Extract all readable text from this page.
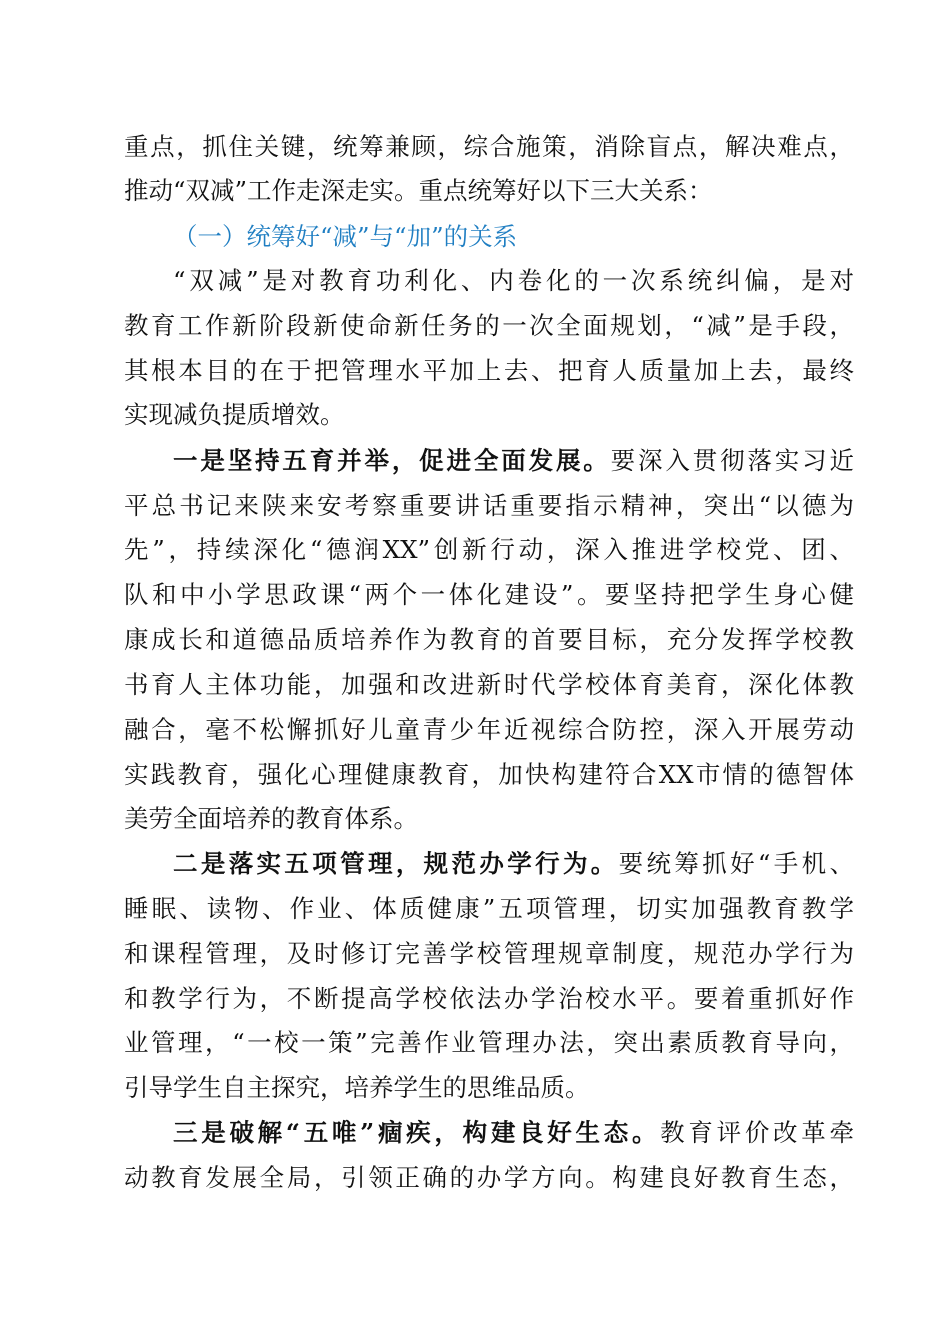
重点，抓住关键，统筹兼顾，综合施策，消除盲点，解决难点，
推动“双减”工作走深走实。重点统筹好以下三大关系：
（一）统筹好“减”与“加”的关系
“双减”是对教育功利化、内卷化的一次系统纠偏，是对
教育工作新阶段新使命新任务的一次全面规划，“减”是手段，
其根本目的在于把管理水平加上去、把育人质量加上去，最终
实现减负提质增效。
一是坚持五育并举，促进全面发展。要深入贯彻落实习近
平总书记来陕来安考察重要讲话重要指示精神，突出“以德为
先”，持续深化“德润XX”创新行动，深入推进学校党、团、
队和中小学思政课“两个一体化建设”。要坚持把学生身心健
康成长和道德品质培养作为教育的首要目标，充分发挥学校教
书育人主体功能，加强和改进新时代学校体育美育，深化体教
融合，毫不松懈抓好儿童青少年近视综合防控，深入开展劳动
实践教育，强化心理健康教育，加快构建符合XX市情的德智体
美劳全面培养的教育体系。
二是落实五项管理，规范办学行为。要统筹抓好“手机、
睡眠、读物、作业、体质健康”五项管理，切实加强教育教学
和课程管理，及时修订完善学校管理规章制度，规范办学行为
和教学行为，不断提高学校依法办学治校水平。要着重抓好作
业管理，“一校一策”完善作业管理办法，突出素质教育导向，
引导学生自主探究，培养学生的思维品质。
三是破解“五唯”痼疾，构建良好生态。教育评价改革牵
动教育发展全局，引领正确的办学方向。构建良好教育生态，
